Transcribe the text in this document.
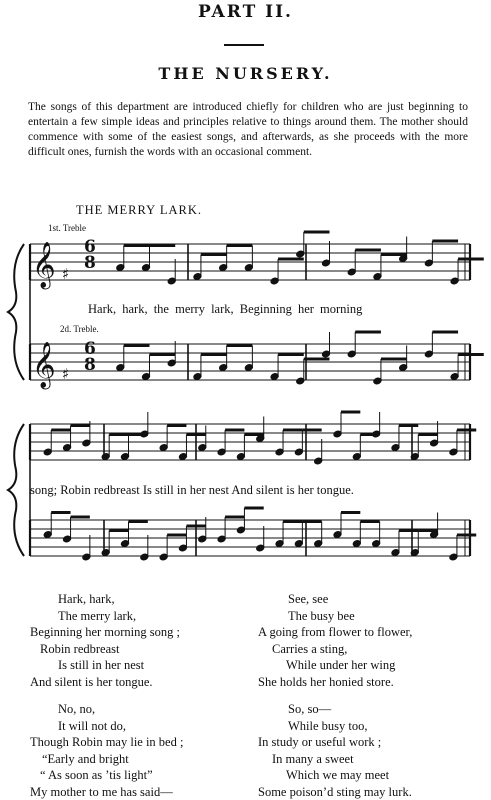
PART II.
THE NURSERY.
The songs of this department are introduced chiefly for children who are just beginning to entertain a few simple ideas and principles relative to things around them. The mother should commence with some of the easiest songs, and afterwards, as she proceeds with the more difficult ones, furnish the words with an occasional comment.
THE MERRY LARK.
𝄞
𝄞
1st. Treble
2d. Treble.
6
8
6
8
♯
♯
Hark, hark, the merry lark, Beginning her morning
song; Robin redbreast Is still in her nest And silent is her tongue.
Hark, hark,
The merry lark,
Beginning her morning song ;
Robin redbreast
Is still in her nest
And silent is her tongue.
See, see
The busy bee
A going from flower to flower,
Carries a sting,
While under her wing
She holds her honied store.
No, no,
It will not do,
Though Robin may lie in bed ;
“Early and bright
“ As soon as ’tis light”
My mother to me has said—
So, so—
While busy too,
In study or useful work ;
In many a sweet
Which we may meet
Some poison’d sting may lurk.
